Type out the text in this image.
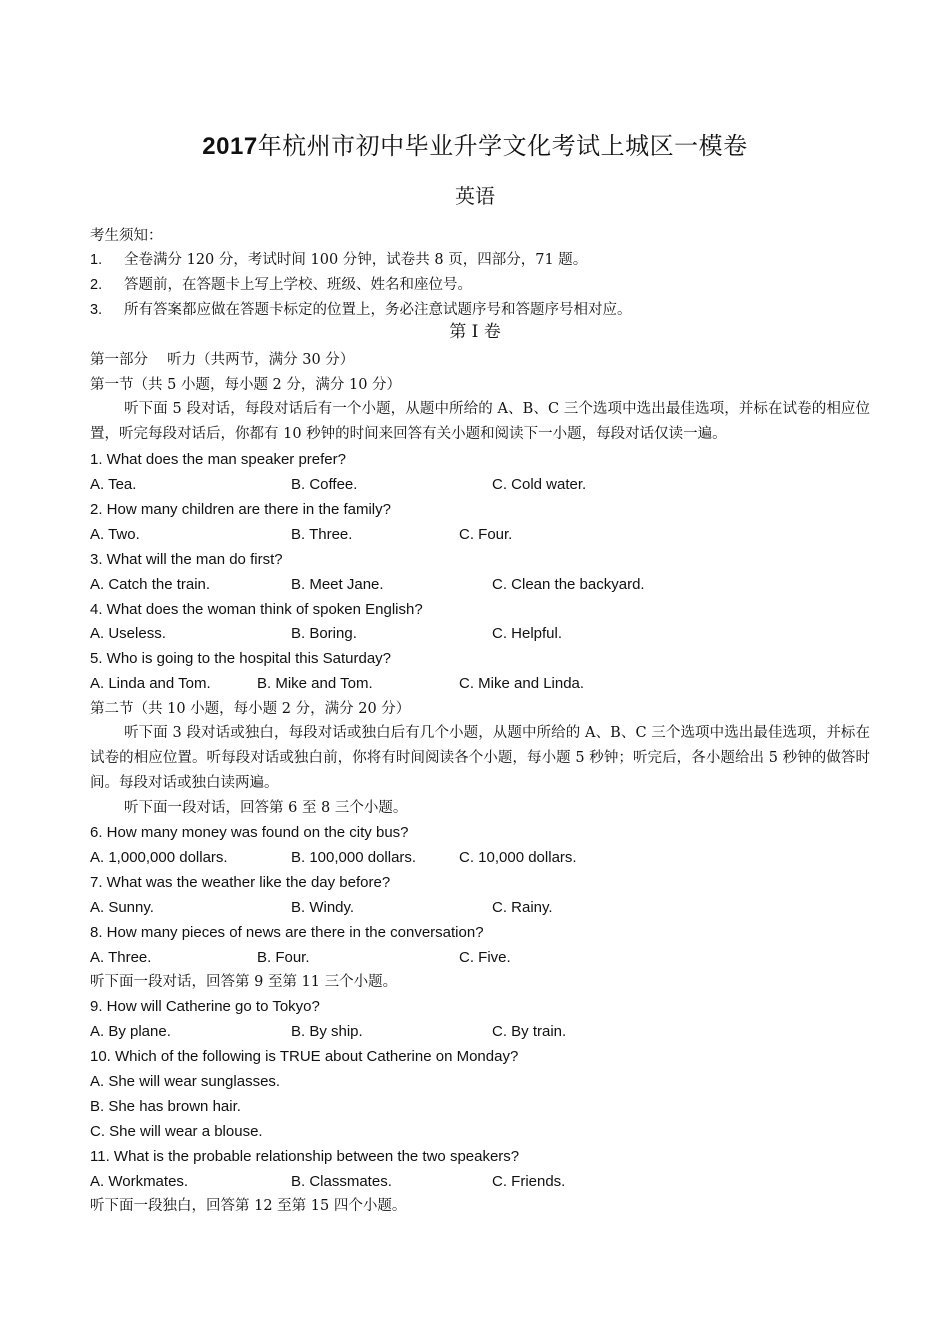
2017年杭州市初中毕业升学文化考试上城区一模卷
英语
考生须知：
1. 全卷满分 120 分，考试时间 100 分钟，试卷共 8 页，四部分，71 题。
2. 答题前，在答题卡上写上学校、班级、姓名和座位号。
3. 所有答案都应做在答题卡标定的位置上，务必注意试题序号和答题序号相对应。
第 I 卷
第一部分　 听力（共两节，满分 30 分）
第一节（共 5 小题，每小题 2 分，满分 10 分）
听下面 5 段对话，每段对话后有一个小题，从题中所给的 A、B、C 三个选项中选出最佳选项，并标在试卷的相应位置，听完每段对话后，你都有 10 秒钟的时间来回答有关小题和阅读下一小题，每段对话仅读一遍。
1. What does the man speaker prefer?
A. Tea.	B. Coffee.	C. Cold water.
2. How many children are there in the family?
A. Two.	B. Three.	C. Four.
3. What will the man do first?
A. Catch the train.	B. Meet Jane.	C. Clean the backyard.
4. What does the woman think of spoken English?
A. Useless.	B. Boring.	C. Helpful.
5. Who is going to the hospital this Saturday?
A. Linda and Tom.	B. Mike and Tom.	C. Mike and Linda.
第二节（共 10 小题，每小题 2 分，满分 20 分）
听下面 3 段对话或独白，每段对话或独白后有几个小题，从题中所给的 A、B、C 三个选项中选出最佳选项，并标在试卷的相应位置。听每段对话或独白前，你将有时间阅读各个小题，每小题 5 秒钟；听完后，各小题给出 5 秒钟的做答时间。每段对话或独白读两遍。
听下面一段对话，回答第 6 至 8 三个小题。
6. How many money was found on the city bus?
A. 1,000,000 dollars.	B. 100,000 dollars.	C. 10,000 dollars.
7. What was the weather like the day before?
A. Sunny.	B. Windy.	C. Rainy.
8. How many pieces of news are there in the conversation?
A. Three.	B. Four.	C. Five.
听下面一段对话，回答第 9 至第 11 三个小题。
9. How will Catherine go to Tokyo?
A. By plane.	B. By ship.	C. By train.
10. Which of the following is TRUE about Catherine on Monday?
A. She will wear sunglasses.
B. She has brown hair.
C. She will wear a blouse.
11. What is the probable relationship between the two speakers?
A. Workmates.	B. Classmates.	C. Friends.
听下面一段独白，回答第 12 至第 15 四个小题。
